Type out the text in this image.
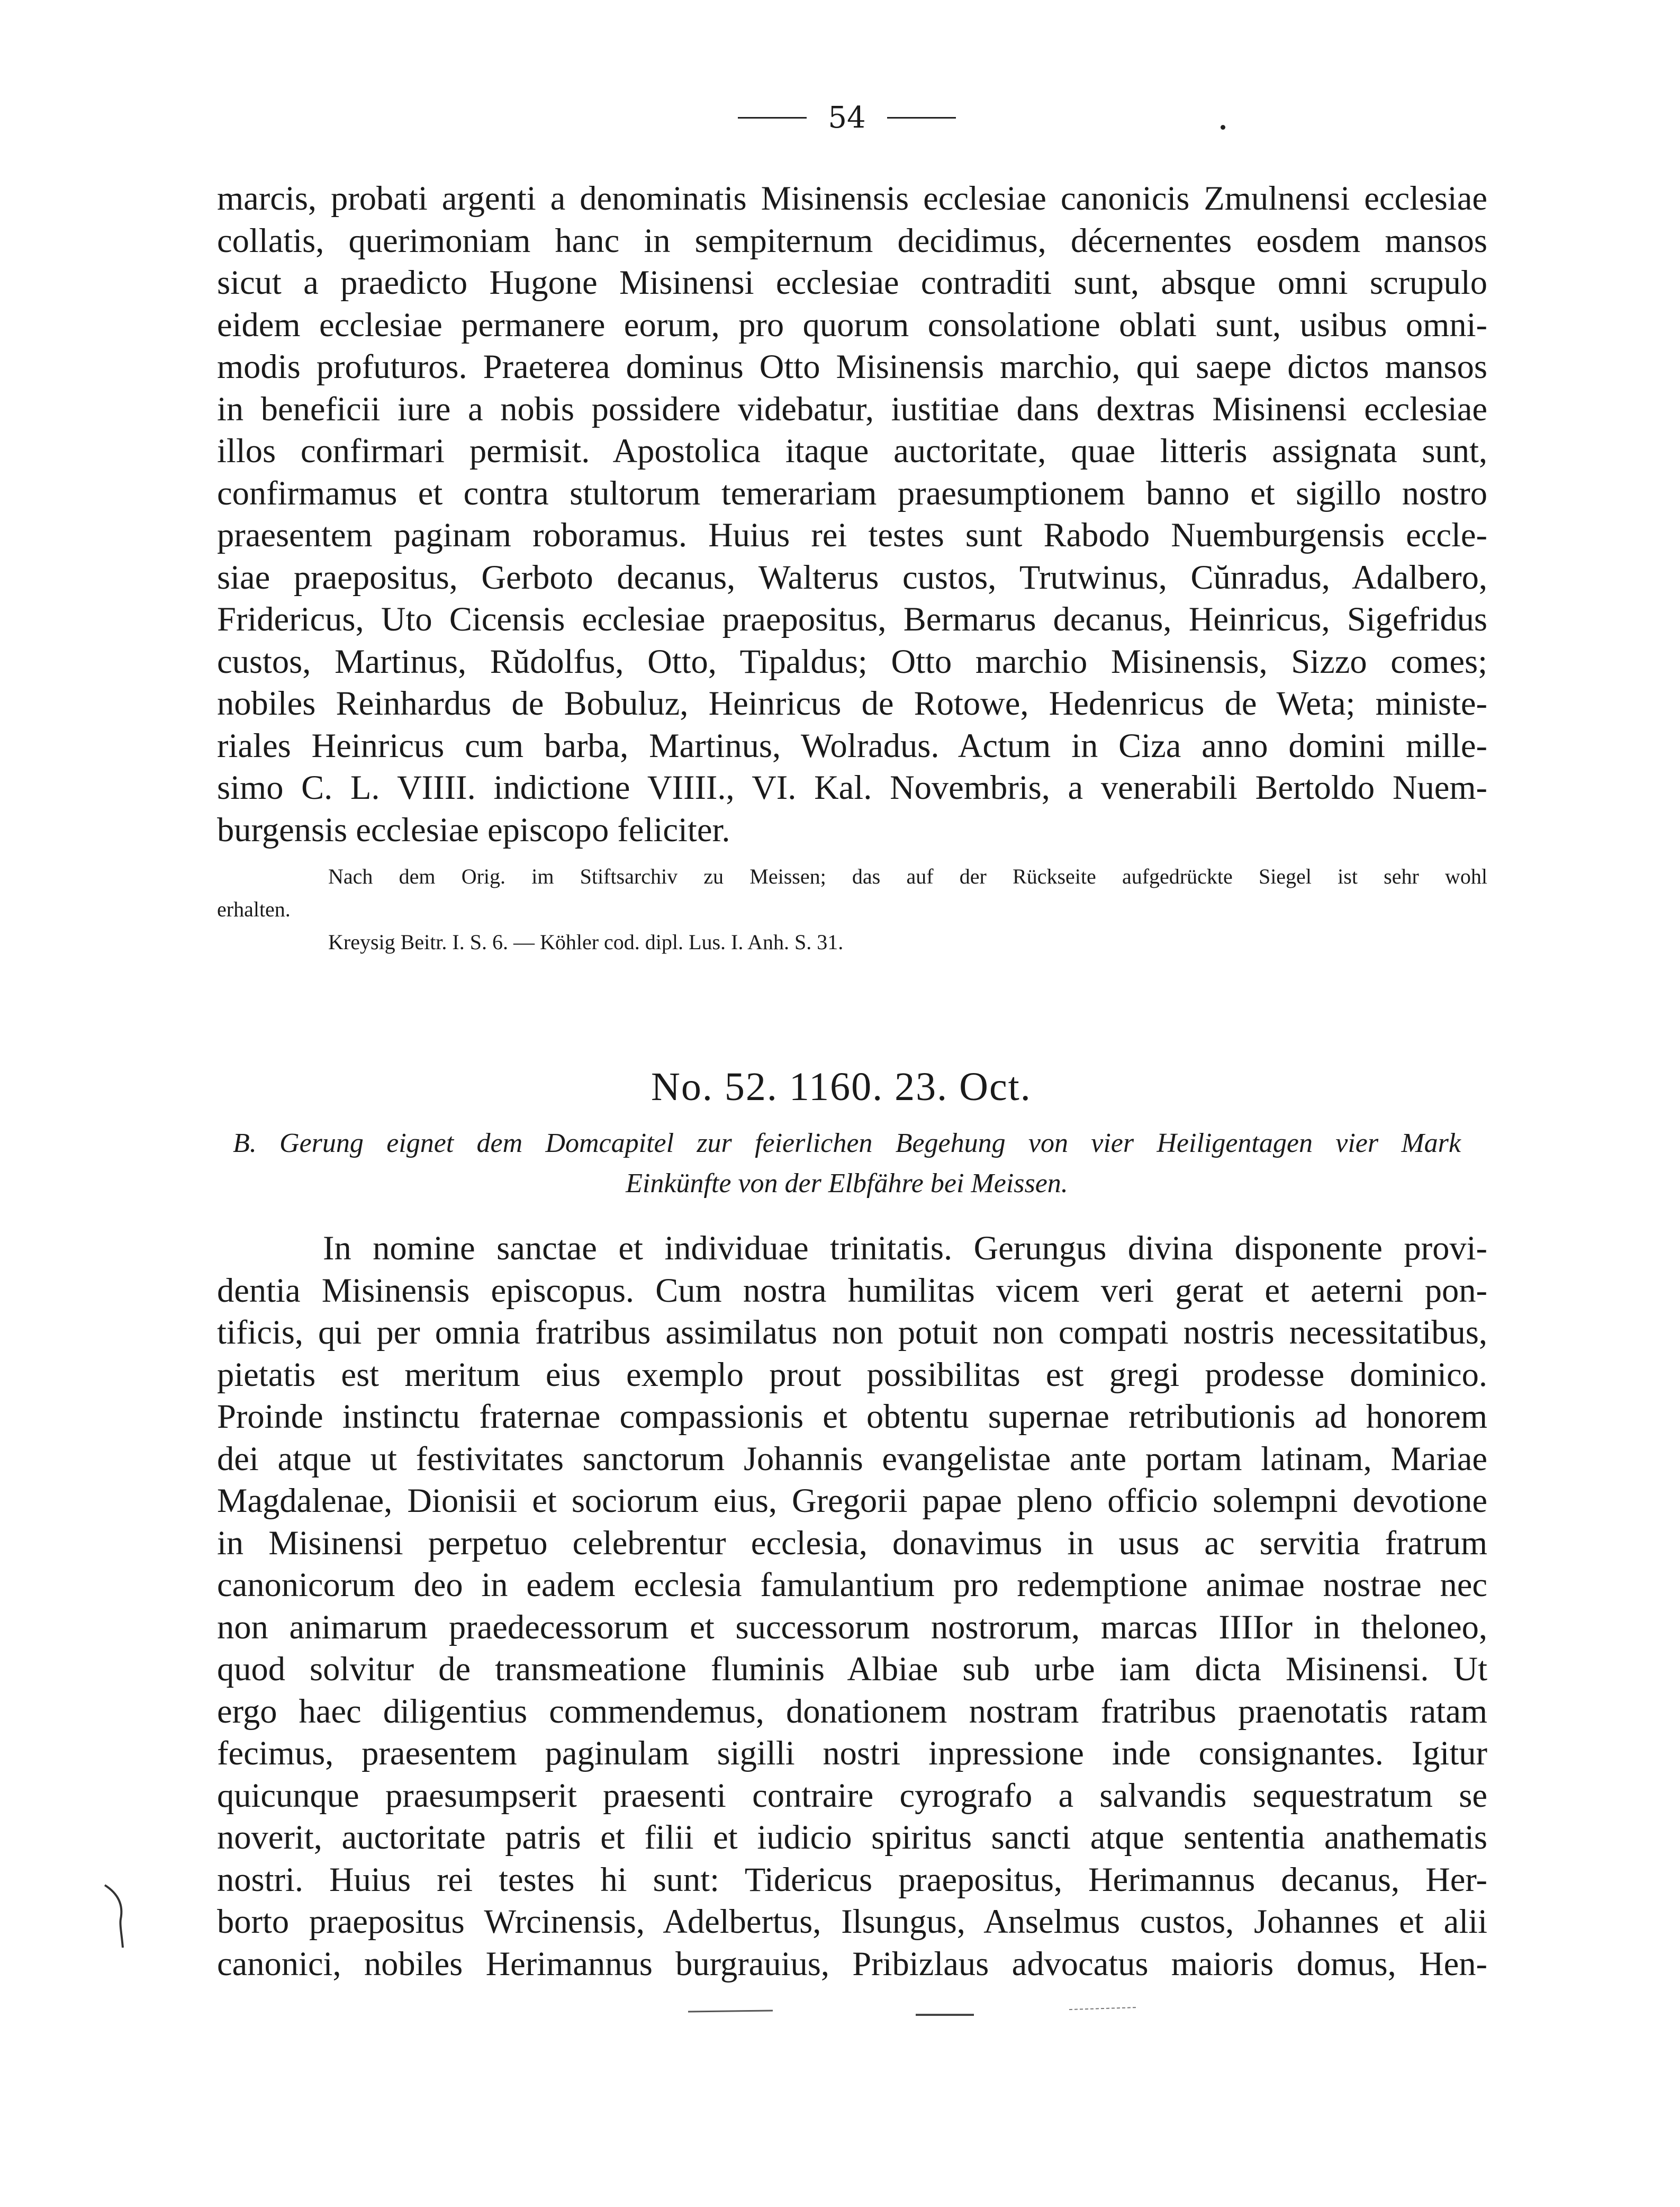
54
marcis, probati argenti a denominatis Misinensis ecclesiae canonicis Zmulnensi ecclesiae
collatis, querimoniam hanc in sempiternum decidimus, décernentes eosdem mansos
sicut a praedicto Hugone Misinensi ecclesiae contraditi sunt, absque omni scrupulo
eidem ecclesiae permanere eorum, pro quorum consolatione oblati sunt, usibus omni-
modis profuturos. Praeterea dominus Otto Misinensis marchio, qui saepe dictos mansos
in beneficii iure a nobis possidere videbatur, iustitiae dans dextras Misinensi ecclesiae
illos confirmari permisit. Apostolica itaque auctoritate, quae litteris assignata sunt,
confirmamus et contra stultorum temerariam praesumptionem banno et sigillo nostro
praesentem paginam roboramus. Huius rei testes sunt Rabodo Nuemburgensis eccle-
siae praepositus, Gerboto decanus, Walterus custos, Trutwinus, Cŭnradus, Adalbero,
Fridericus, Uto Cicensis ecclesiae praepositus, Bermarus decanus, Heinricus, Sigefridus
custos, Martinus, Rŭdolfus, Otto, Tipaldus; Otto marchio Misinensis, Sizzo comes;
nobiles Reinhardus de Bobuluz, Heinricus de Rotowe, Hedenricus de Weta; ministe-
riales Heinricus cum barba, Martinus, Wolradus. Actum in Ciza anno domini mille-
simo C. L. VIIII. indictione VIIII., VI. Kal. Novembris, a venerabili Bertoldo Nuem-
burgensis ecclesiae episcopo feliciter.
Nach dem Orig. im Stiftsarchiv zu Meissen; das auf der Rückseite aufgedrückte Siegel ist sehr wohl
erhalten.
Kreysig Beitr. I. S. 6. — Köhler cod. dipl. Lus. I. Anh. S. 31.
No. 52. 1160. 23. Oct.
B. Gerung eignet dem Domcapitel zur feierlichen Begehung von vier Heiligentagen vier Mark
Einkünfte von der Elbfähre bei Meissen.
In nomine sanctae et individuae trinitatis. Gerungus divina disponente provi-
dentia Misinensis episcopus. Cum nostra humilitas vicem veri gerat et aeterni pon-
tificis, qui per omnia fratribus assimilatus non potuit non compati nostris necessitatibus,
pietatis est meritum eius exemplo prout possibilitas est gregi prodesse dominico.
Proinde instinctu fraternae compassionis et obtentu supernae retributionis ad honorem
dei atque ut festivitates sanctorum Johannis evangelistae ante portam latinam, Mariae
Magdalenae, Dionisii et sociorum eius, Gregorii papae pleno officio solempni devotione
in Misinensi perpetuo celebrentur ecclesia, donavimus in usus ac servitia fratrum
canonicorum deo in eadem ecclesia famulantium pro redemptione animae nostrae nec
non animarum praedecessorum et successorum nostrorum, marcas IIIIor in theloneo,
quod solvitur de transmeatione fluminis Albiae sub urbe iam dicta Misinensi. Ut
ergo haec diligentius commendemus, donationem nostram fratribus praenotatis ratam
fecimus, praesentem paginulam sigilli nostri inpressione inde consignantes. Igitur
quicunque praesumpserit praesenti contraire cyrografo a salvandis sequestratum se
noverit, auctoritate patris et filii et iudicio spiritus sancti atque sententia anathematis
nostri. Huius rei testes hi sunt: Tidericus praepositus, Herimannus decanus, Her-
borto praepositus Wrcinensis, Adelbertus, Ilsungus, Anselmus custos, Johannes et alii
canonici, nobiles Herimannus burgrauius, Pribizlaus advocatus maioris domus, Hen-
